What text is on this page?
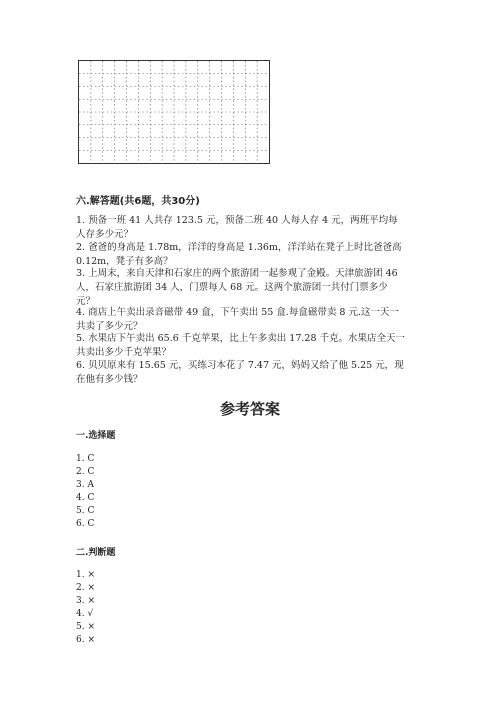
六.解答题(共6题，共30分)
1. 预备一班 41 人共存 123.5 元，预备二班 40 人每人存 4 元，两班平均每人存多少元？
2. 爸爸的身高是 1.78m，洋洋的身高是 1.36m，洋洋站在凳子上时比爸爸高 0.12m，凳子有多高？
3. 上周末，来自天津和石家庄的两个旅游团一起参观了金殿。天津旅游团 46 人，石家庄旅游团 34 人，门票每人 68 元。这两个旅游团一共付门票多少元？
4. 商店上午卖出录音磁带 49 盒，下午卖出 55 盒.每盒磁带卖 8 元.这一天一共卖了多少元？
5. 水果店下午卖出 65.6 千克苹果，比上午多卖出 17.28 千克。水果店全天一共卖出多少千克苹果？
6. 贝贝原来有 15.65 元，买练习本花了 7.47 元，妈妈又给了他 5.25 元，现在他有多少钱？
参考答案
一.选择题
1. C
2. C
3. A
4. C
5. C
6. C
二.判断题
1. ×
2. ×
3. ×
4. √
5. ×
6. ×
